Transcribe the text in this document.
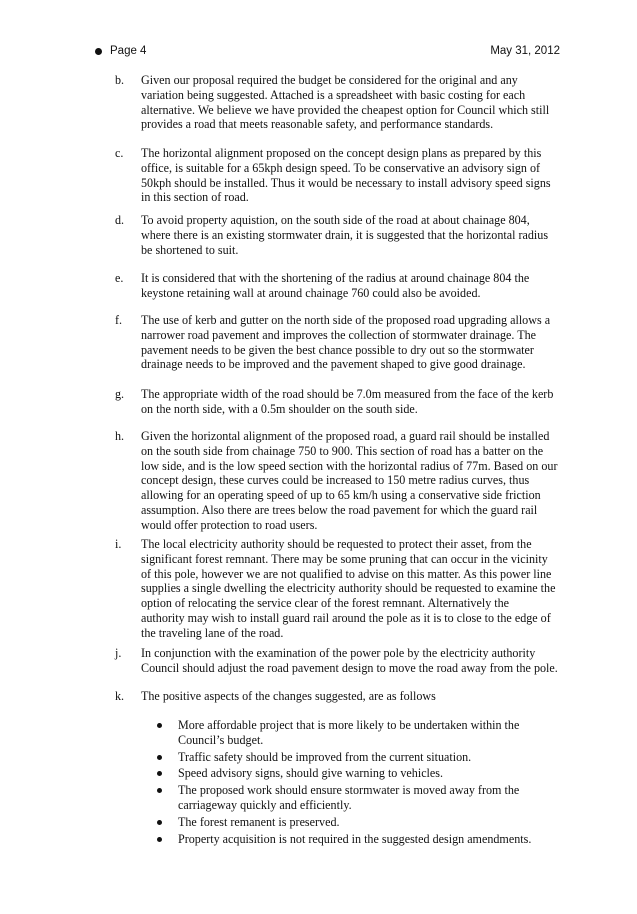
Page 4	May 31, 2012
b. Given our proposal required the budget be considered for the original and any
variation being suggested. Attached is a spreadsheet with basic costing for each
alternative. We believe we have provided the cheapest option for Council which still
provides a road that meets reasonable safety, and performance standards.
c. The horizontal alignment proposed on the concept design plans as prepared by this
office, is suitable for a 65kph design speed. To be conservative an advisory sign of
50kph should be installed. Thus it would be necessary to install advisory speed signs
in this section of road.
d. To avoid property aquistion, on the south side of the road at about chainage 804,
where there is an existing stormwater drain, it is suggested that the horizontal radius
be shortened to suit.
e. It is considered that with the shortening of the radius at around chainage 804 the
keystone retaining wall at around chainage 760 could also be avoided.
f. The use of kerb and gutter on the north side of the proposed road upgrading allows a
narrower road pavement and improves the collection of stormwater drainage. The
pavement needs to be given the best chance possible to dry out so the stormwater
drainage needs to be improved and the pavement shaped to give good drainage.
g. The appropriate width of the road should be 7.0m measured from the face of the kerb
on the north side, with a 0.5m shoulder on the south side.
h. Given the horizontal alignment of the proposed road, a guard rail should be installed
on the south side from chainage 750 to 900. This section of road has a batter on the
low side, and is the low speed section with the horizontal radius of 77m. Based on our
concept design, these curves could be increased to 150 metre radius curves, thus
allowing for an operating speed of up to 65 km/h using a conservative side friction
assumption. Also there are trees below the road pavement for which the guard rail
would offer protection to road users.
i. The local electricity authority should be requested to protect their asset, from the
significant forest remnant. There may be some pruning that can occur in the vicinity
of this pole, however we are not qualified to advise on this matter. As this power line
supplies a single dwelling the electricity authority should be requested to examine the
option of relocating the service clear of the forest remnant. Alternatively the
authority may wish to install guard rail around the pole as it is to close to the edge of
the traveling lane of the road.
j. In conjunction with the examination of the power pole by the electricity authority
Council should adjust the road pavement design to move the road away from the pole.
k. The positive aspects of the changes suggested, are as follows
More affordable project that is more likely to be undertaken within the
Council’s budget.
Traffic safety should be improved from the current situation.
Speed advisory signs, should give warning to vehicles.
The proposed work should ensure stormwater is moved away from the
carriageway quickly and efficiently.
The forest remanent is preserved.
Property acquisition is not required in the suggested design amendments.
